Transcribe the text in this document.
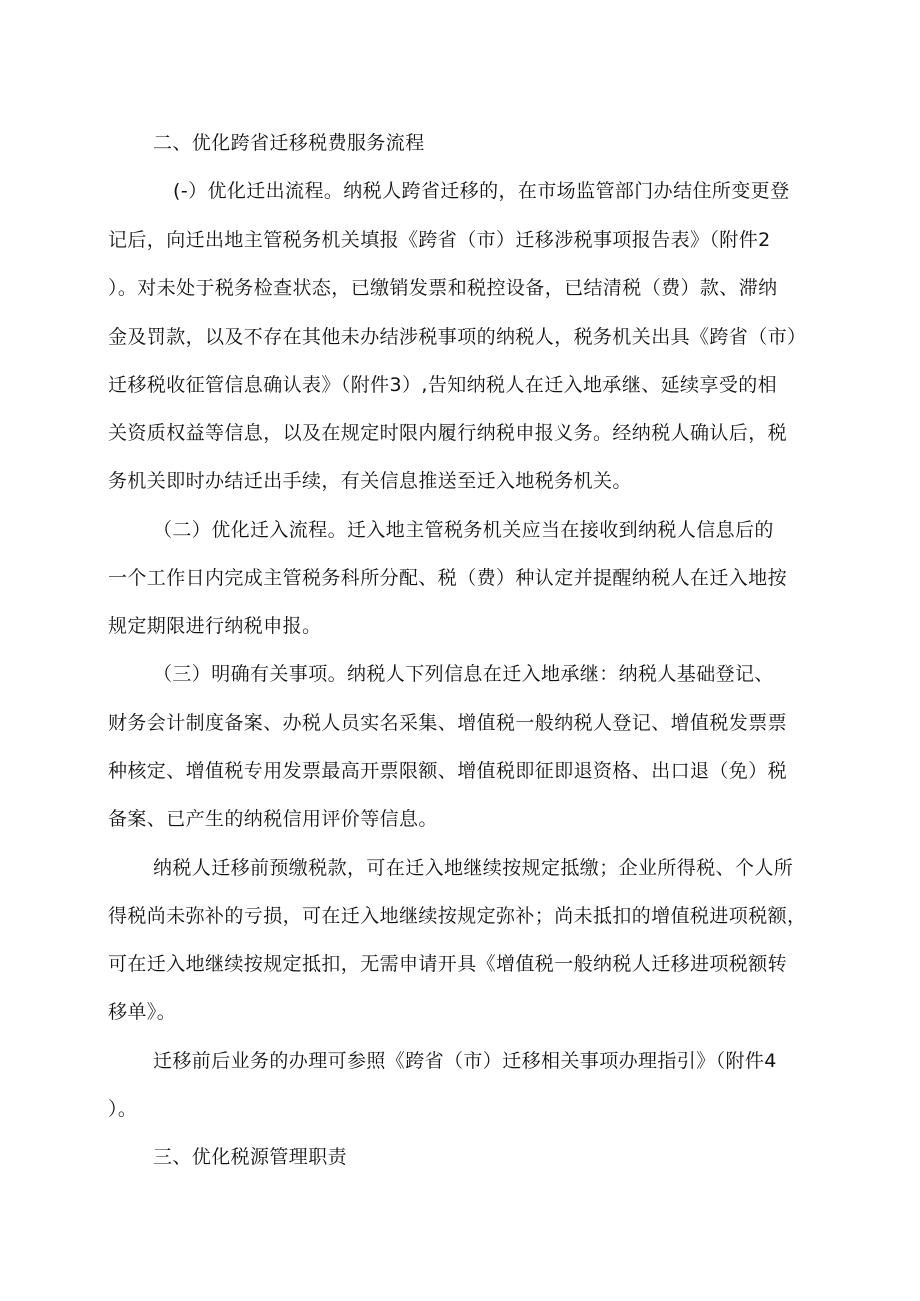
二、优化跨省迁移税费服务流程
(-）优化迁出流程。纳税人跨省迁移的，在市场监管部门办结住所变更登
记后，向迁出地主管税务机关填报《跨省（市）迁移涉税事项报告表》（附件2
）。对未处于税务检查状态，已缴销发票和税控设备，已结清税（费）款、滞纳
金及罚款，以及不存在其他未办结涉税事项的纳税人，税务机关出具《跨省（市）
迁移税收征管信息确认表》（附件3）,告知纳税人在迁入地承继、延续享受的相
关资质权益等信息，以及在规定时限内履行纳税申报义务。经纳税人确认后，税
务机关即时办结迁出手续，有关信息推送至迁入地税务机关。
（二）优化迁入流程。迁入地主管税务机关应当在接收到纳税人信息后的
一个工作日内完成主管税务科所分配、税（费）种认定并提醒纳税人在迁入地按
规定期限进行纳税申报。
（三）明确有关事项。纳税人下列信息在迁入地承继：纳税人基础登记、
财务会计制度备案、办税人员实名采集、增值税一般纳税人登记、增值税发票票
种核定、增值税专用发票最高开票限额、增值税即征即退资格、出口退（免）税
备案、已产生的纳税信用评价等信息。
纳税人迁移前预缴税款，可在迁入地继续按规定抵缴；企业所得税、个人所
得税尚未弥补的亏损，可在迁入地继续按规定弥补；尚未抵扣的增值税进项税额，
可在迁入地继续按规定抵扣，无需申请开具《增值税一般纳税人迁移进项税额转
移单》。
迁移前后业务的办理可参照《跨省（市）迁移相关事项办理指引》（附件4
）。
三、优化税源管理职责
